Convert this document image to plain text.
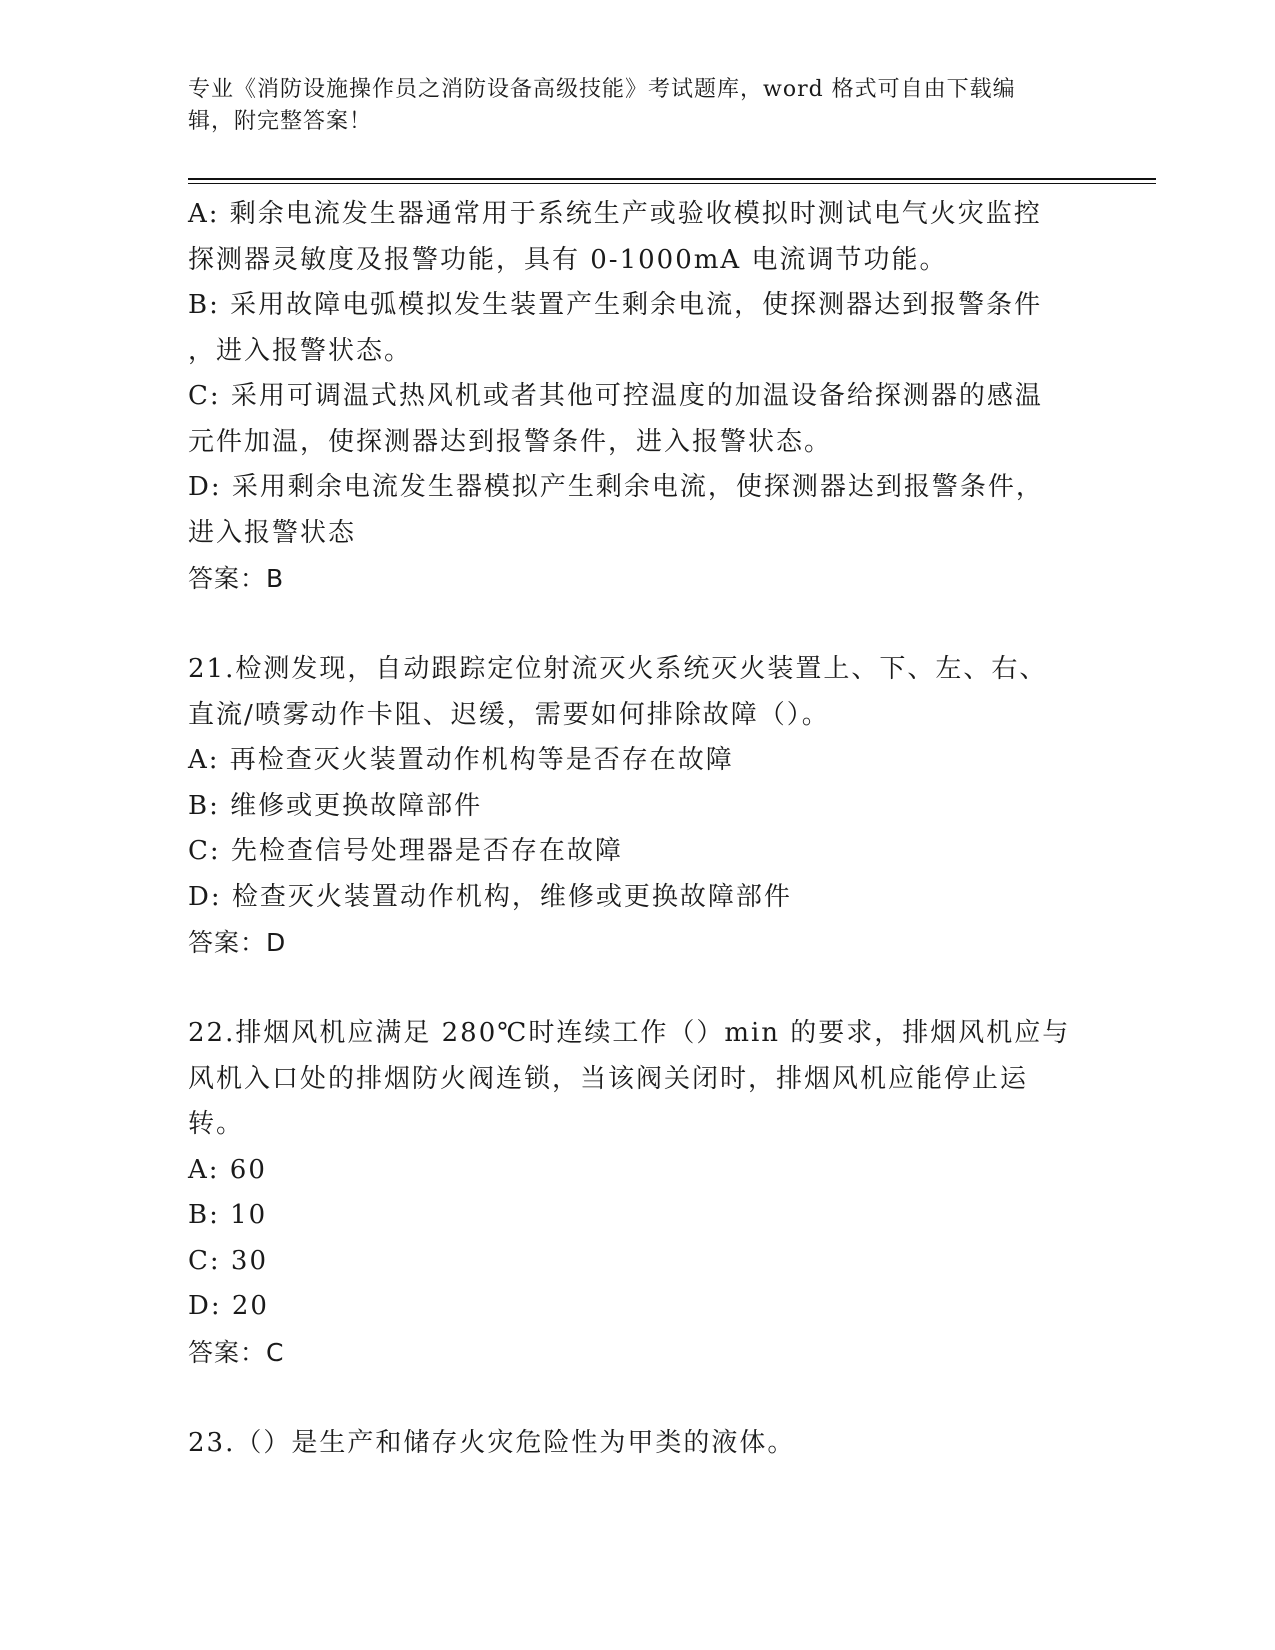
专业《消防设施操作员之消防设备高级技能》考试题库，word 格式可自由下载编
辑，附完整答案！

A: 剩余电流发生器通常用于系统生产或验收模拟时测试电气火灾监控

探测器灵敏度及报警功能，具有 0-1000mA 电流调节功能。

B: 采用故障电弧模拟发生装置产生剩余电流，使探测器达到报警条件

，进入报警状态。

C: 采用可调温式热风机或者其他可控温度的加温设备给探测器的感温

元件加温，使探测器达到报警条件，进入报警状态。

D: 采用剩余电流发生器模拟产生剩余电流，使探测器达到报警条件，

进入报警状态

答案：B

21.检测发现，自动跟踪定位射流灭火系统灭火装置上、下、左、右、

直流/喷雾动作卡阻、迟缓，需要如何排除故障（）。

A: 再检查灭火装置动作机构等是否存在故障

B: 维修或更换故障部件

C: 先检查信号处理器是否存在故障

D: 检查灭火装置动作机构，维修或更换故障部件

答案：D

22.排烟风机应满足 280℃时连续工作（）min 的要求，排烟风机应与

风机入口处的排烟防火阀连锁，当该阀关闭时，排烟风机应能停止运

转。

A: 60

B: 10

C: 30

D: 20

答案：C

23.（）是生产和储存火灾危险性为甲类的液体。
